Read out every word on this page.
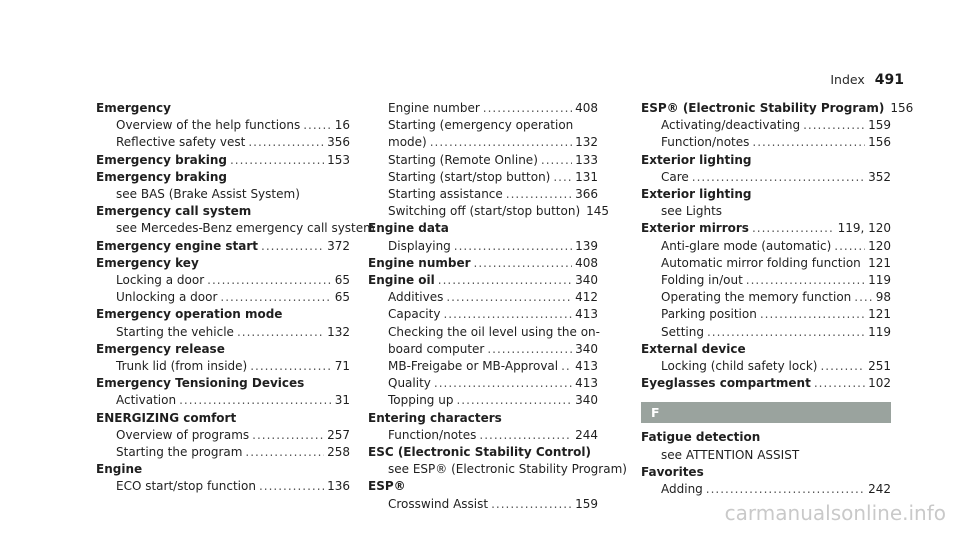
Index 491
Emergency
Overview of the help functions .....	16
Reflective safety vest .....	356
Emergency braking .....	153
Emergency braking
see BAS (Brake Assist System)
Emergency call system
see Mercedes-Benz emergency call system
Emergency engine start .....	372
Emergency key
Locking a door .....	65
Unlocking a door .....	65
Emergency operation mode
Starting the vehicle .....	132
Emergency release
Trunk lid (from inside) .....	71
Emergency Tensioning Devices
Activation .....	31
ENERGIZING comfort
Overview of programs .....	257
Starting the program .....	258
Engine
ECO start/stop function .....	136
Engine number .....	408
Starting (emergency operation
mode) .....	132
Starting (Remote Online) .....	133
Starting (start/stop button) ..... 131
Starting assistance .....	366
Switching off (start/stop button) 145
Engine data
Displaying .....	139
Engine number .....	408
Engine oil .....	340
Additives .....	412
Capacity .....	413
Checking the oil level using the on-
board computer .....	340
MB-Freigabe or MB-Approval ..... 413
Quality .....	413
Topping up .....	340
Entering characters
Function/notes .....	244
ESC (Electronic Stability Control)
see ESP® (Electronic Stability Program)
ESP®
Crosswind Assist .....	159
ESP® (Electronic Stability Program) 156
Activating/deactivating .....	159
Function/notes .....	156
Exterior lighting
Care .....	352
Exterior lighting
see Lights
Exterior mirrors .....	119, 120
Anti-glare mode (automatic) .....	120
Automatic mirror folding function ..... 121
Folding in/out .....	119
Operating the memory function ..... 98
Parking position .....	121
Setting .....	119
External device
Locking (child safety lock) .....	251
Eyeglasses compartment .....	102
F
Fatigue detection
see ATTENTION ASSIST
Favorites
Adding .....	242
carmanualsonline.info
